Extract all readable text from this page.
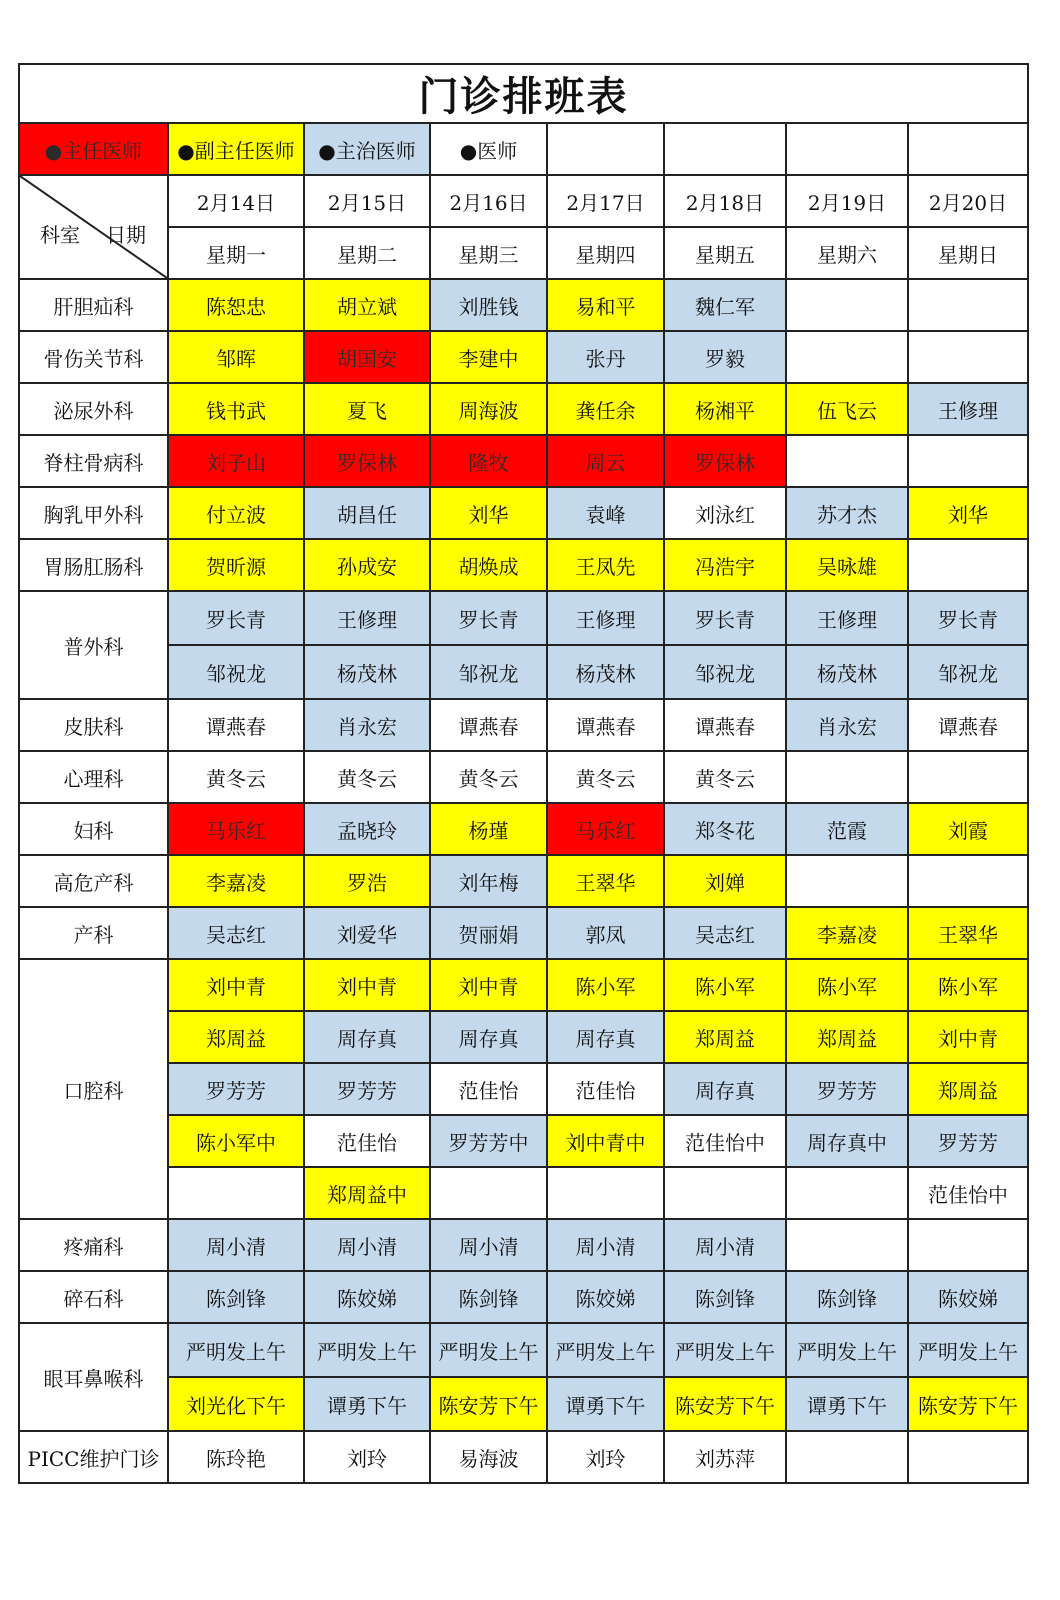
门诊排班表							
●主任医师	●副主任医师	●主治医师	●医师				

科室 日期	2月14日	2月15日	2月16日	2月17日	2月18日	2月19日	2月20日
	星期一	星期二	星期三	星期四	星期五	星期六	星期日
肝胆疝科	陈恕忠	胡立斌	刘胜钱	易和平	魏仁军		
骨伤关节科	邹晖	胡国安	李建中	张丹	罗毅		
泌尿外科	钱书武	夏飞	周海波	龚任余	杨湘平	伍飞云	王修理
脊柱骨病科	刘子山	罗保林	隆牧	周云	罗保林		
胸乳甲外科	付立波	胡昌任	刘华	袁峰	刘泳红	苏才杰	刘华
胃肠肛肠科	贺昕源	孙成安	胡焕成	王凤先	冯浩宇	吴咏雄	
普外科	罗长青	王修理	罗长青	王修理	罗长青	王修理	罗长青
	邹祝龙	杨茂林	邹祝龙	杨茂林	邹祝龙	杨茂林	邹祝龙
皮肤科	谭燕春	肖永宏	谭燕春	谭燕春	谭燕春	肖永宏	谭燕春
心理科	黄冬云	黄冬云	黄冬云	黄冬云	黄冬云		
妇科	马乐红	孟晓玲	杨瑾	马乐红	郑冬花	范霞	刘霞
高危产科	李嘉凌	罗浩	刘年梅	王翠华	刘婵		
产科	吴志红	刘爱华	贺丽娟	郭凤	吴志红	李嘉凌	王翠华
口腔科	刘中青	刘中青	刘中青	陈小军	陈小军	陈小军	陈小军
	郑周益	周存真	周存真	周存真	郑周益	郑周益	刘中青
	罗芳芳	罗芳芳	范佳怡	范佳怡	周存真	罗芳芳	郑周益
	陈小军中	范佳怡	罗芳芳中	刘中青中	范佳怡中	周存真中	罗芳芳
		郑周益中					范佳怡中
疼痛科	周小清	周小清	周小清	周小清	周小清		
碎石科	陈剑锋	陈姣娣	陈剑锋	陈姣娣	陈剑锋	陈剑锋	陈姣娣
眼耳鼻喉科	严明发上午	严明发上午	严明发上午	严明发上午	严明发上午	严明发上午	严明发上午
	刘光化下午	谭勇下午	陈安芳下午	谭勇下午	陈安芳下午	谭勇下午	陈安芳下午
PICC维护门诊	陈玲艳	刘玲	易海波	刘玲	刘苏萍		
